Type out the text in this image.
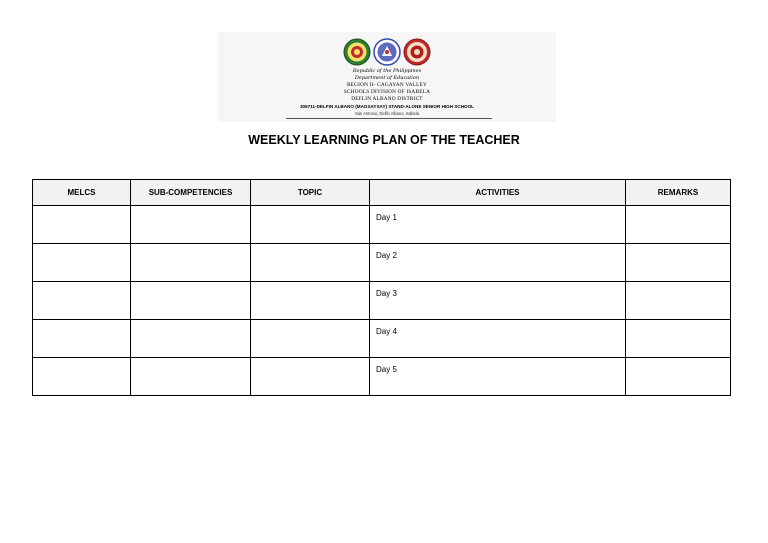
Republic of the Philippines
Department of Education
REGION II- CAGAYAN VALLEY
SCHOOLS DIVISION OF ISABELA
DEFLIN ALBANO DISTRICT
306711-DELFIN ALBANO (MAGSAYSAY) STAND-ALONE SENIOR HIGH SCHOOL
San Antonio, Delfin Albano, Isabela
WEEKLY LEARNING PLAN OF THE TEACHER
MELCS	SUB-COMPETENCIES	TOPIC	ACTIVITIES	REMARKS

			Day 1	

			Day 2	

			Day 3	

			Day 4	

			Day 5	
